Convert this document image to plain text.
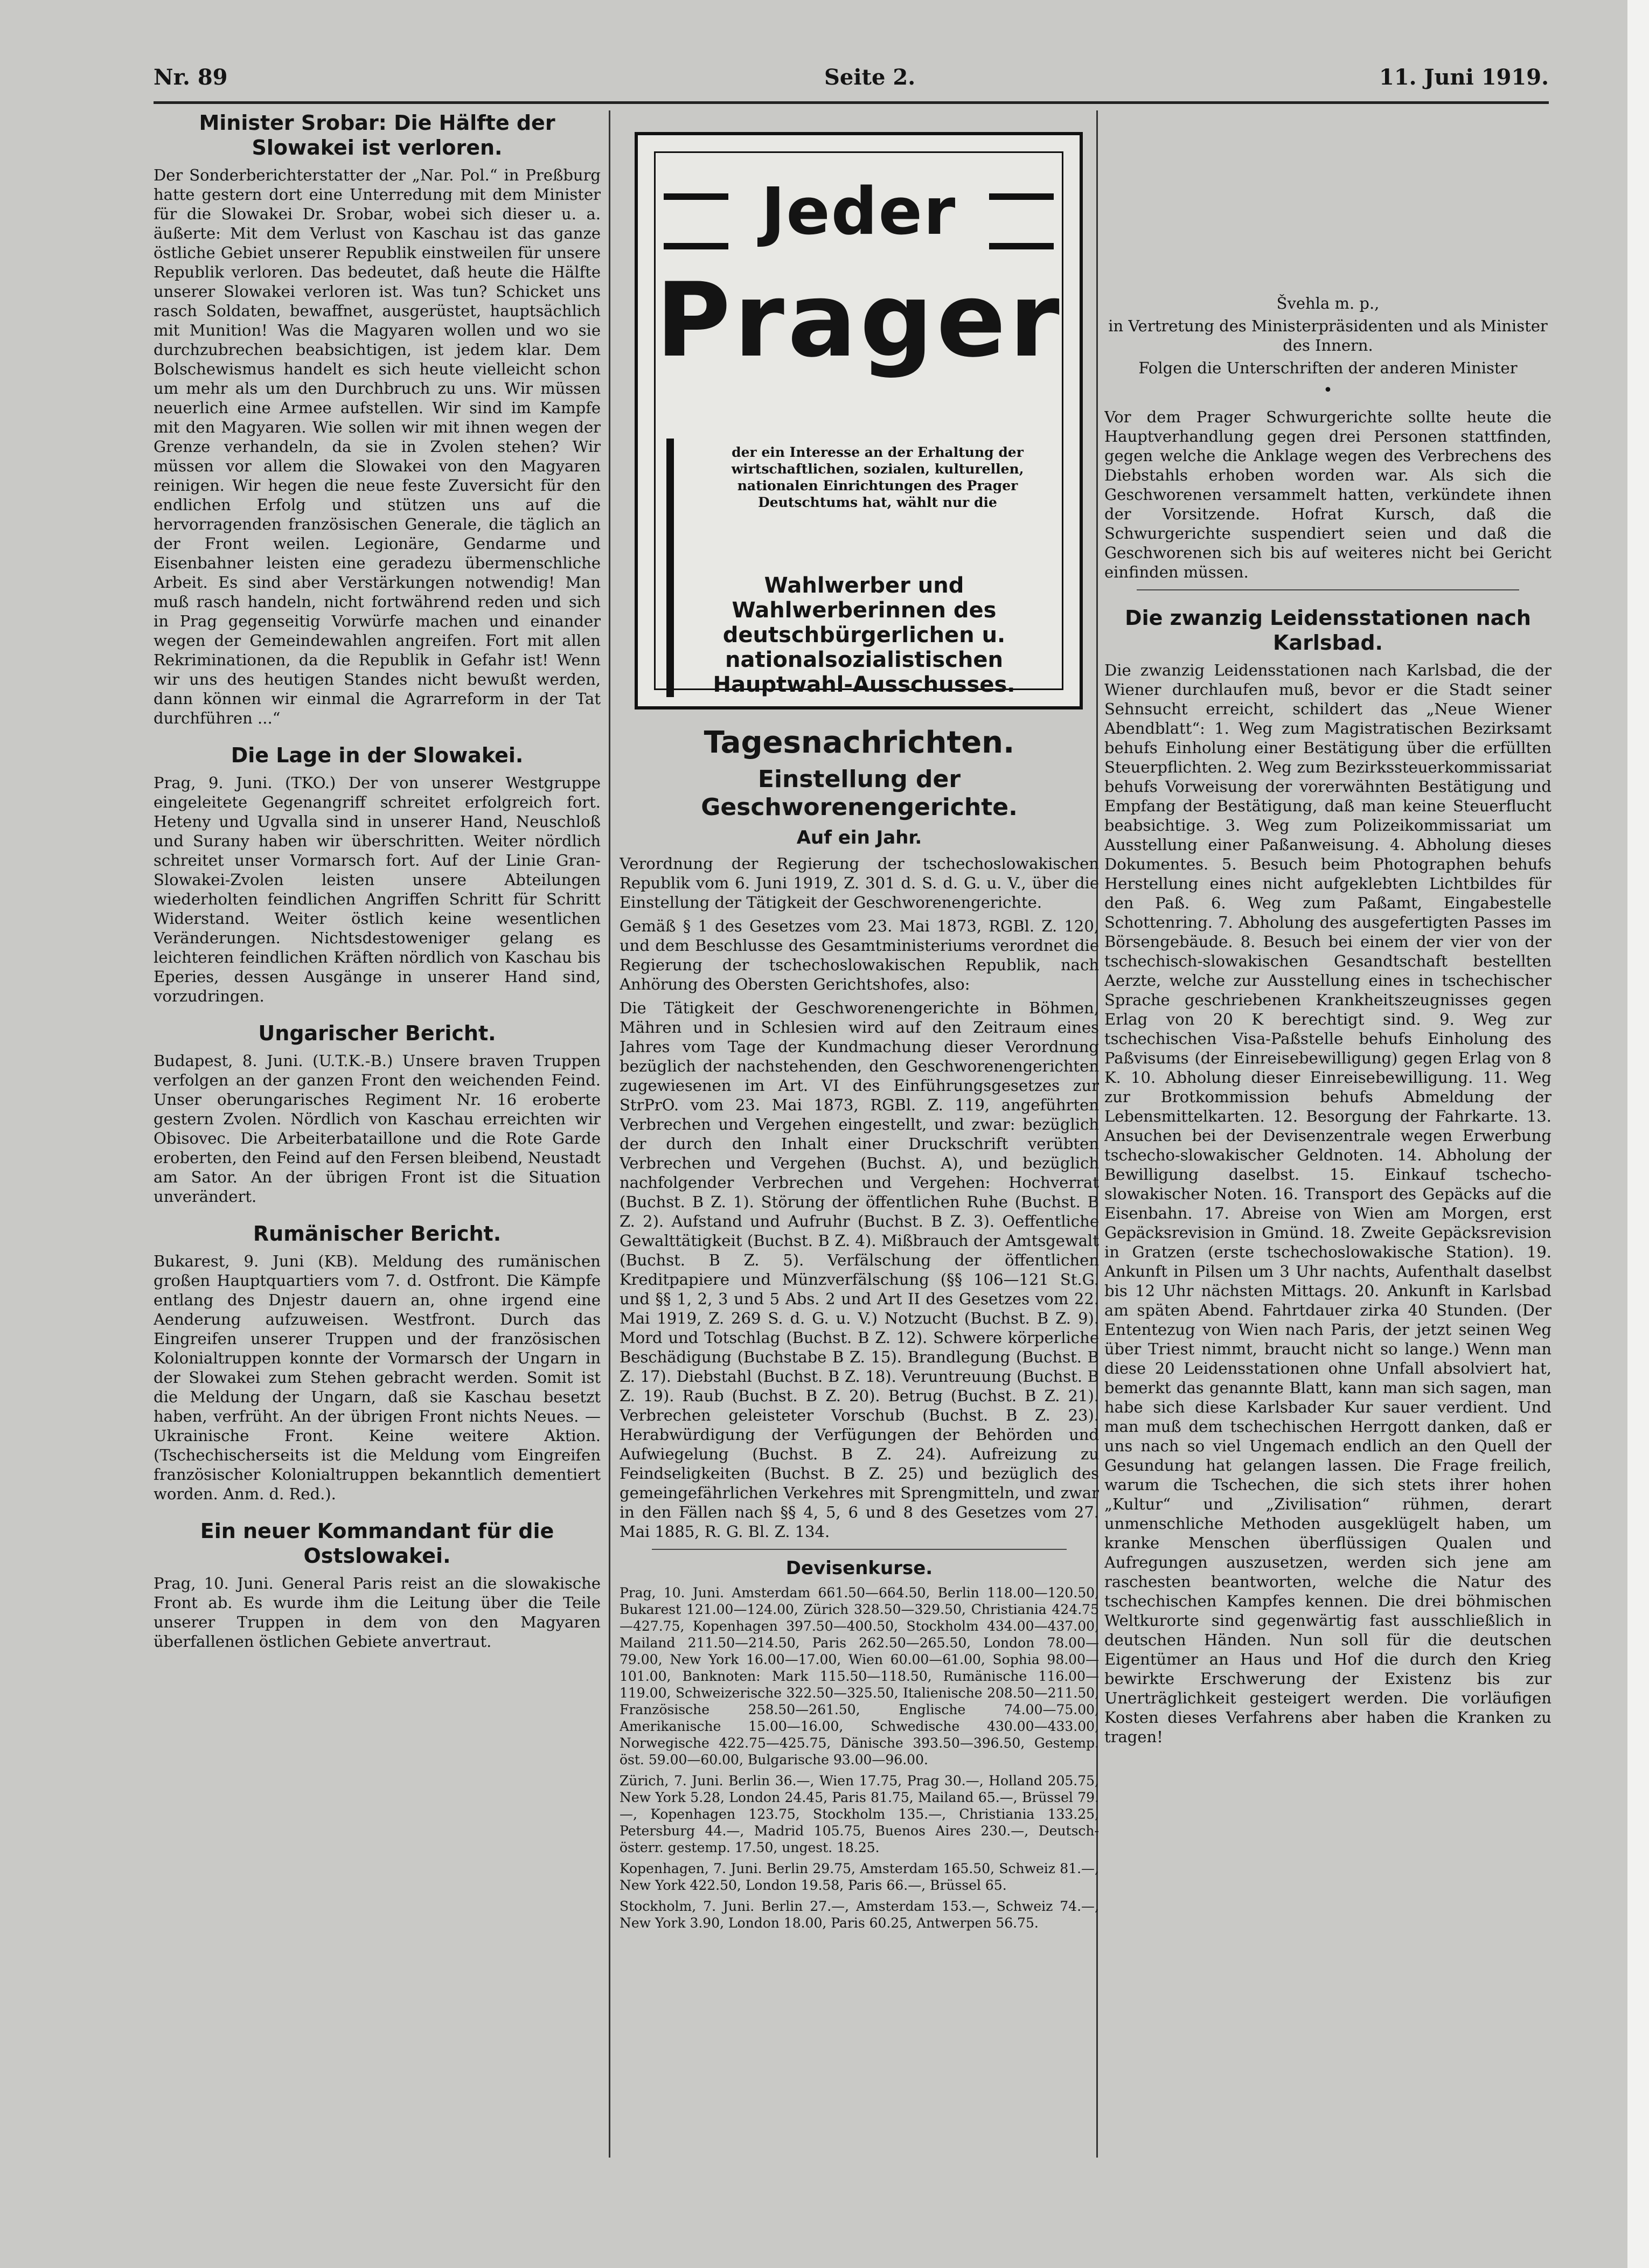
Nr. 89	Seite 2.	11. Juni 1919.
Minister Srobar: Die Hälfte der Slowakei ist verloren.

Der Sonderberichterstatter der „Nar. Pol.“ in Preßburg hatte gestern dort eine Unterredung mit dem Minister für die Slowakei Dr. Srobar, wobei sich dieser u. a. äußerte: Mit dem Verlust von Kaschau ist das ganze östliche Gebiet unserer Republik einstweilen für unsere Republik verloren. Das bedeutet, daß heute die Hälfte unserer Slowakei verloren ist. Was tun? Schicket uns rasch Soldaten, bewaffnet, ausgerüstet, hauptsächlich mit Munition! Was die Magyaren wollen und wo sie durchzubrechen beabsichtigen, ist jedem klar. Dem Bolschewismus handelt es sich heute vielleicht schon um mehr als um den Durchbruch zu uns. Wir müssen neuerlich eine Armee aufstellen. Wir sind im Kampfe mit den Magyaren. Wie sollen wir mit ihnen wegen der Grenze verhandeln, da sie in Zvolen stehen? Wir müssen vor allem die Slowakei von den Magyaren reinigen. Wir hegen die neue feste Zuversicht für den endlichen Erfolg und stützen uns auf die hervorragenden französischen Generale, die täglich an der Front weilen. Legionäre, Gendarme und Eisenbahner leisten eine geradezu übermenschliche Arbeit. Es sind aber Verstärkungen notwendig! Man muß rasch handeln, nicht fortwährend reden und sich in Prag gegenseitig Vorwürfe machen und einander wegen der Gemeindewahlen angreifen. Fort mit allen Rekriminationen, da die Republik in Gefahr ist! Wenn wir uns des heutigen Standes nicht bewußt werden, dann können wir einmal die Agrarreform in der Tat durchführen ...“

Die Lage in der Slowakei.

Prag, 9. Juni. (TKO.) Der von unserer Westgruppe eingeleitete Gegenangriff schreitet erfolgreich fort. Heteny und Ugvalla sind in unserer Hand, Neuschloß und Surany haben wir überschritten. Weiter nördlich schreitet unser Vormarsch fort. Auf der Linie Gran-Slowakei-Zvolen leisten unsere Abteilungen wiederholten feindlichen Angriffen Schritt für Schritt Widerstand. Weiter östlich keine wesentlichen Veränderungen. Nichtsdestoweniger gelang es leichteren feindlichen Kräften nördlich von Kaschau bis Eperies, dessen Ausgänge in unserer Hand sind, vorzudringen.

Ungarischer Bericht.

Budapest, 8. Juni. (U.T.K.-B.) Unsere braven Truppen verfolgen an der ganzen Front den weichenden Feind. Unser oberungarisches Regiment Nr. 16 eroberte gestern Zvolen. Nördlich von Kaschau erreichten wir Obisovec. Die Arbeiterbataillone und die Rote Garde eroberten, den Feind auf den Fersen bleibend, Neustadt am Sator. An der übrigen Front ist die Situation unverändert.

Rumänischer Bericht.

Bukarest, 9. Juni (KB). Meldung des rumänischen großen Hauptquartiers vom 7. d. Ostfront. Die Kämpfe entlang des Dnjestr dauern an, ohne irgend eine Aenderung aufzuweisen. Westfront. Durch das Eingreifen unserer Truppen und der französischen Kolonialtruppen konnte der Vormarsch der Ungarn in der Slowakei zum Stehen gebracht werden. Somit ist die Meldung der Ungarn, daß sie Kaschau besetzt haben, verfrüht. An der übrigen Front nichts Neues. — Ukrainische Front. Keine weitere Aktion. (Tschechischerseits ist die Meldung vom Eingreifen französischer Kolonialtruppen bekanntlich dementiert worden. Anm. d. Red.).

Ein neuer Kommandant für die Ostslowakei.

Prag, 10. Juni. General Paris reist an die slowakische Front ab. Es wurde ihm die Leitung über die Teile unserer Truppen in dem von den Magyaren überfallenen östlichen Gebiete anvertraut.

Jeder
Prager
der ein Interesse an der Erhaltung der wirtschaftlichen, sozialen, kulturellen, nationalen Einrichtungen des Prager Deutschtums hat, wählt nur die
Wahlwerber und Wahlwerberinnen des deutschbürgerlichen u. nationalsozialistischen Hauptwahl-Ausschusses.
Tagesnachrichten.
Einstellung der Geschworenengerichte.
Auf ein Jahr.

Verordnung der Regierung der tschechoslowakischen Republik vom 6. Juni 1919, Z. 301 d. S. d. G. u. V., über die Einstellung der Tätigkeit der Geschworenengerichte.

Gemäß § 1 des Gesetzes vom 23. Mai 1873, RGBl. Z. 120, und dem Beschlusse des Gesamtministeriums verordnet die Regierung der tschechoslowakischen Republik, nach Anhörung des Obersten Gerichtshofes, also:

Die Tätigkeit der Geschworenengerichte in Böhmen, Mähren und in Schlesien wird auf den Zeitraum eines Jahres vom Tage der Kundmachung dieser Verordnung bezüglich der nachstehenden, den Geschworenengerichten zugewiesenen im Art. VI des Einführungsgesetzes zur StrPrO. vom 23. Mai 1873, RGBl. Z. 119, angeführten Verbrechen und Vergehen eingestellt, und zwar: bezüglich der durch den Inhalt einer Druckschrift verübten Verbrechen und Vergehen (Buchst. A), und bezüglich nachfolgender Verbrechen und Vergehen: Hochverrat (Buchst. B Z. 1). Störung der öffentlichen Ruhe (Buchst. B Z. 2). Aufstand und Aufruhr (Buchst. B Z. 3). Oeffentliche Gewalttätigkeit (Buchst. B Z. 4). Mißbrauch der Amtsgewalt (Buchst. B Z. 5). Verfälschung der öffentlichen Kreditpapiere und Münzverfälschung (§§ 106—121 St.G. und §§ 1, 2, 3 und 5 Abs. 2 und Art II des Gesetzes vom 22. Mai 1919, Z. 269 S. d. G. u. V.) Notzucht (Buchst. B Z. 9). Mord und Totschlag (Buchst. B Z. 12). Schwere körperliche Beschädigung (Buchstabe B Z. 15). Brandlegung (Buchst. B Z. 17). Diebstahl (Buchst. B Z. 18). Veruntreuung (Buchst. B Z. 19). Raub (Buchst. B Z. 20). Betrug (Buchst. B Z. 21). Verbrechen geleisteter Vorschub (Buchst. B Z. 23). Herabwürdigung der Verfügungen der Behörden und Aufwiegelung (Buchst. B Z. 24). Aufreizung zu Feindseligkeiten (Buchst. B Z. 25) und bezüglich des gemeingefährlichen Verkehres mit Sprengmitteln, und zwar in den Fällen nach §§ 4, 5, 6 und 8 des Gesetzes vom 27. Mai 1885, R. G. Bl. Z. 134.

Devisenkurse.

Prag, 10. Juni. Amsterdam 661.50—664.50, Berlin 118.00—120.50, Bukarest 121.00—124.00, Zürich 328.50—329.50, Christiania 424.75—427.75, Kopenhagen 397.50—400.50, Stockholm 434.00—437.00, Mailand 211.50—214.50, Paris 262.50—265.50, London 78.00—79.00, New York 16.00—17.00, Wien 60.00—61.00, Sophia 98.00—101.00, Banknoten: Mark 115.50—118.50, Rumänische 116.00—119.00, Schweizerische 322.50—325.50, Italienische 208.50—211.50, Französische 258.50—261.50, Englische 74.00—75.00, Amerikanische 15.00—16.00, Schwedische 430.00—433.00, Norwegische 422.75—425.75, Dänische 393.50—396.50, Gestemp. öst. 59.00—60.00, Bulgarische 93.00—96.00.

Zürich, 7. Juni. Berlin 36.—, Wien 17.75, Prag 30.—, Holland 205.75, New York 5.28, London 24.45, Paris 81.75, Mailand 65.—, Brüssel 79.—, Kopenhagen 123.75, Stockholm 135.—, Christiania 133.25, Petersburg 44.—, Madrid 105.75, Buenos Aires 230.—, Deutsch-österr. gestemp. 17.50, ungest. 18.25.

Kopenhagen, 7. Juni. Berlin 29.75, Amsterdam 165.50, Schweiz 81.—, New York 422.50, London 19.58, Paris 66.—, Brüssel 65.

Stockholm, 7. Juni. Berlin 27.—, Amsterdam 153.—, Schweiz 74.—, New York 3.90, London 18.00, Paris 60.25, Antwerpen 56.75.

Švehla m. p.,
in Vertretung des Ministerpräsidenten und als Minister des Innern.
Folgen die Unterschriften der anderen Minister
•

Vor dem Prager Schwurgerichte sollte heute die Hauptverhandlung gegen drei Personen stattfinden, gegen welche die Anklage wegen des Verbrechens des Diebstahls erhoben worden war. Als sich die Geschworenen versammelt hatten, verkündete ihnen der Vorsitzende. Hofrat Kursch, daß die Schwurgerichte suspendiert seien und daß die Geschworenen sich bis auf weiteres nicht bei Gericht einfinden müssen.

Die zwanzig Leidensstationen nach Karlsbad.

Die zwanzig Leidensstationen nach Karlsbad, die der Wiener durchlaufen muß, bevor er die Stadt seiner Sehnsucht erreicht, schildert das „Neue Wiener Abendblatt“: 1. Weg zum Magistratischen Bezirksamt behufs Einholung einer Bestätigung über die erfüllten Steuerpflichten. 2. Weg zum Bezirkssteuerkommissariat behufs Vorweisung der vorerwähnten Bestätigung und Empfang der Bestätigung, daß man keine Steuerflucht beabsichtige. 3. Weg zum Polizeikommissariat um Ausstellung einer Paßanweisung. 4. Abholung dieses Dokumentes. 5. Besuch beim Photographen behufs Herstellung eines nicht aufgeklebten Lichtbildes für den Paß. 6. Weg zum Paßamt, Eingabestelle Schottenring. 7. Abholung des ausgefertigten Passes im Börsengebäude. 8. Besuch bei einem der vier von der tschechisch-slowakischen Gesandtschaft bestellten Aerzte, welche zur Ausstellung eines in tschechischer Sprache geschriebenen Krankheitszeugnisses gegen Erlag von 20 K berechtigt sind. 9. Weg zur tschechischen Visa-Paßstelle behufs Einholung des Paßvisums (der Einreisebewilligung) gegen Erlag von 8 K. 10. Abholung dieser Einreisebewilligung. 11. Weg zur Brotkommission behufs Abmeldung der Lebensmittelkarten. 12. Besorgung der Fahrkarte. 13. Ansuchen bei der Devisenzentrale wegen Erwerbung tschecho-slowakischer Geldnoten. 14. Abholung der Bewilligung daselbst. 15. Einkauf tschecho-slowakischer Noten. 16. Transport des Gepäcks auf die Eisenbahn. 17. Abreise von Wien am Morgen, erst Gepäcksrevision in Gmünd. 18. Zweite Gepäcksrevision in Gratzen (erste tschechoslowakische Station). 19. Ankunft in Pilsen um 3 Uhr nachts, Aufenthalt daselbst bis 12 Uhr nächsten Mittags. 20. Ankunft in Karlsbad am späten Abend. Fahrtdauer zirka 40 Stunden. (Der Ententezug von Wien nach Paris, der jetzt seinen Weg über Triest nimmt, braucht nicht so lange.) Wenn man diese 20 Leidensstationen ohne Unfall absolviert hat, bemerkt das genannte Blatt, kann man sich sagen, man habe sich diese Karlsbader Kur sauer verdient. Und man muß dem tschechischen Herrgott danken, daß er uns nach so viel Ungemach endlich an den Quell der Gesundung hat gelangen lassen. Die Frage freilich, warum die Tschechen, die sich stets ihrer hohen „Kultur“ und „Zivilisation“ rühmen, derart unmenschliche Methoden ausgeklügelt haben, um kranke Menschen überflüssigen Qualen und Aufregungen auszusetzen, werden sich jene am raschesten beantworten, welche die Natur des tschechischen Kampfes kennen. Die drei böhmischen Weltkurorte sind gegenwärtig fast ausschließlich in deutschen Händen. Nun soll für die deutschen Eigentümer an Haus und Hof die durch den Krieg bewirkte Erschwerung der Existenz bis zur Unerträglichkeit gesteigert werden. Die vorläufigen Kosten dieses Verfahrens aber haben die Kranken zu tragen!
